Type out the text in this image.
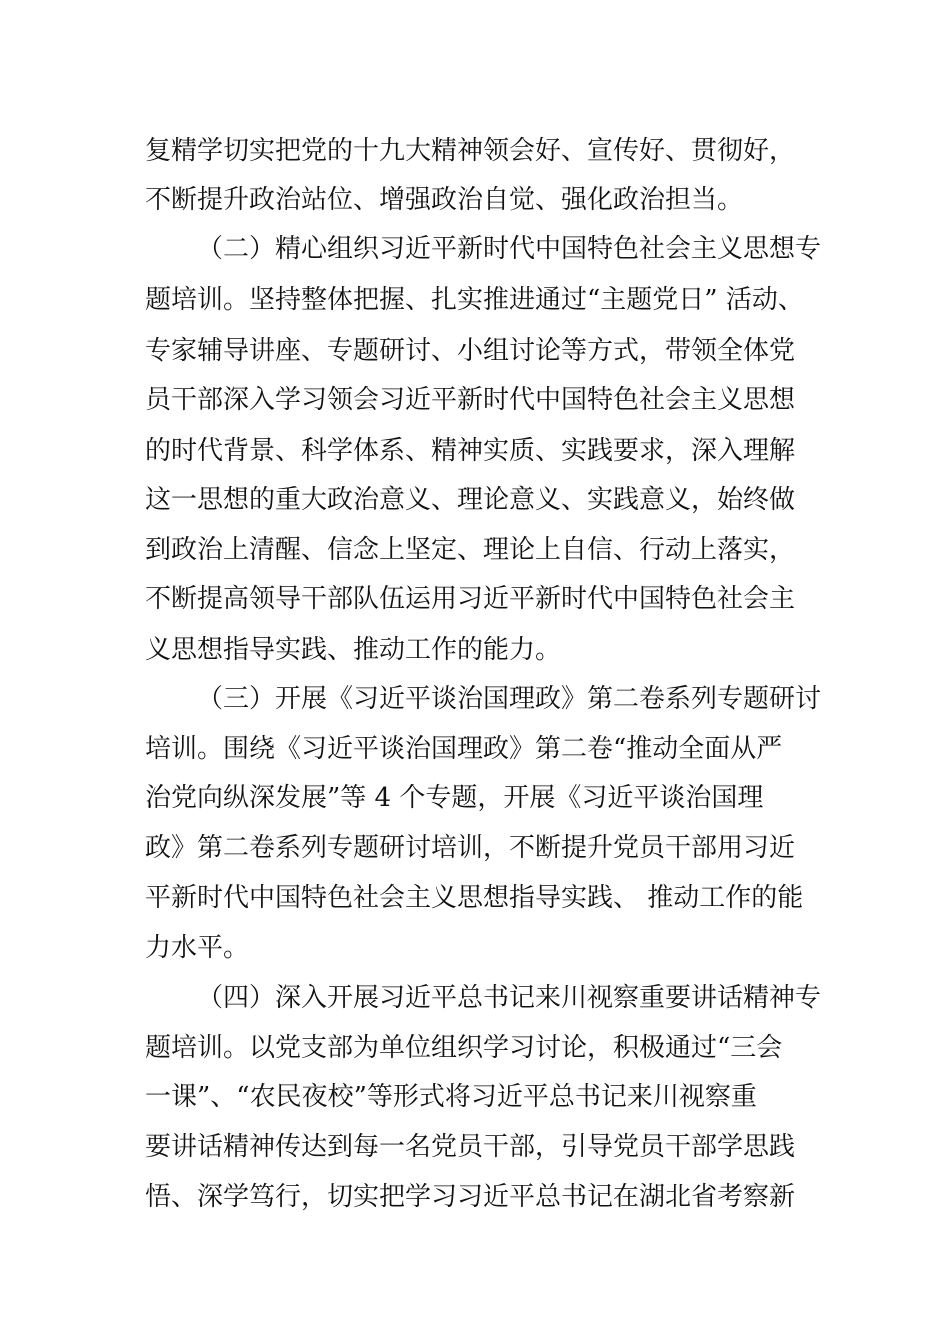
复精学切实把党的十九大精神领会好、宣传好、贯彻好，
不断提升政治站位、增强政治自觉、强化政治担当。
（二）精心组织习近平新时代中国特色社会主义思想专
题培训。坚持整体把握、扎实推进通过“主题党日” 活动、
专家辅导讲座、专题研讨、小组讨论等方式，带领全体党
员干部深入学习领会习近平新时代中国特色社会主义思想
的时代背景、科学体系、精神实质、实践要求，深入理解
这一思想的重大政治意义、理论意义、实践意义，始终做
到政治上清醒、信念上坚定、理论上自信、行动上落实，
不断提高领导干部队伍运用习近平新时代中国特色社会主
义思想指导实践、推动工作的能力。
（三）开展《习近平谈治国理政》第二卷系列专题研讨
培训。围绕《习近平谈治国理政》第二卷“推动全面从严
治党向纵深发展”等 4 个专题，开展《习近平谈治国理
政》第二卷系列专题研讨培训，不断提升党员干部用习近
平新时代中国特色社会主义思想指导实践、 推动工作的能
力水平。
（四）深入开展习近平总书记来川视察重要讲话精神专
题培训。以党支部为单位组织学习讨论，积极通过“三会
一课”、“农民夜校”等形式将习近平总书记来川视察重
要讲话精神传达到每一名党员干部，引导党员干部学思践
悟、深学笃行，切实把学习习近平总书记在湖北省考察新
